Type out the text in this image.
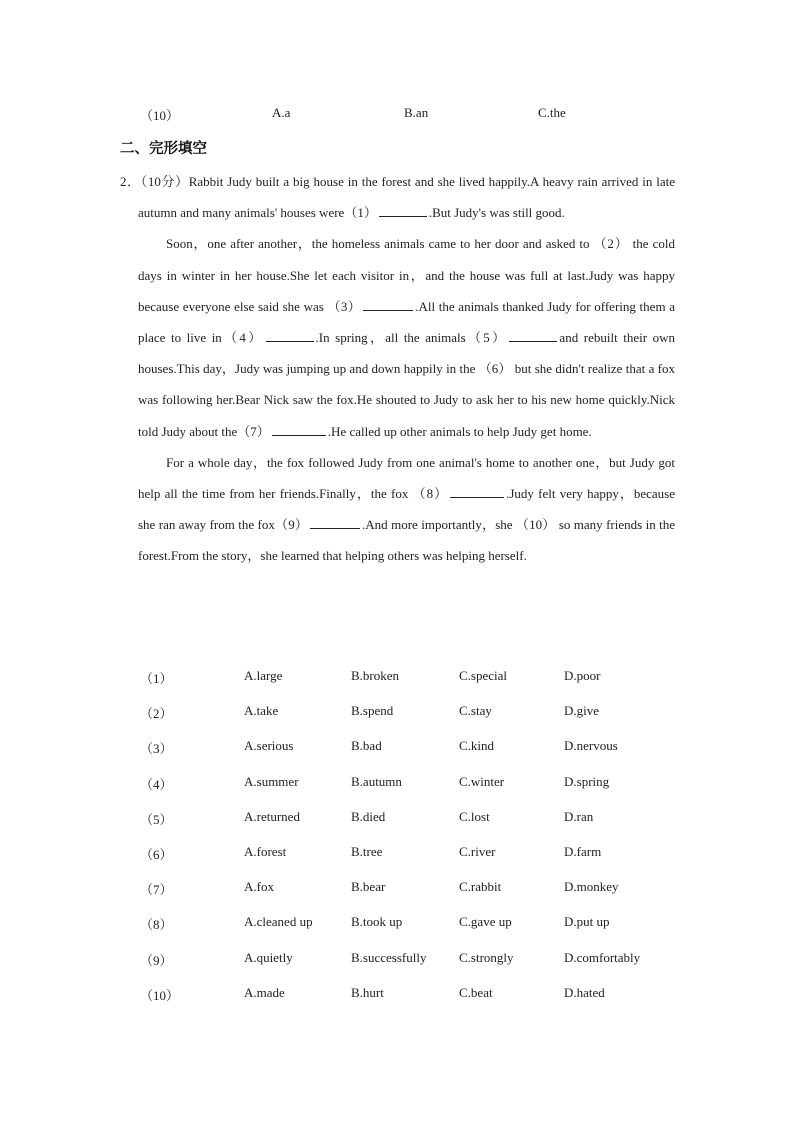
（10）	A.a	B.an	C.the
二、完形填空

2．（10分）Rabbit Judy built a big house in the forest and she lived happily.A heavy rain arrived in late autumn and many animals' houses were（1）	.But Judy's was still good.

Soon，one after another，the homeless animals came to her door and asked to （2） the cold days in winter in her house.She let each visitor in，and the house was full at last.Judy was happy because everyone else said she was （3）	.All the animals thanked Judy for offering them a place to live in（4）	.In spring，all the animals（5）	and rebuilt their own houses.This day，Judy was jumping up and down happily in the （6） but she didn't realize that a fox was following her.Bear Nick saw the fox.He shouted to Judy to ask her to his new home quickly.Nick told Judy about the（7）	.He called up other animals to help Judy get home.

For a whole day，the fox followed Judy from one animal's home to another one，but Judy got help all the time from her friends.Finally，the fox （8）	.Judy felt very happy，because she ran away from the fox（9）	.And more importantly，she （10） so many friends in the forest.From the story，she learned that helping others was helping herself.

（1）	A.large	B.broken	C.special	D.poor
（2）	A.take	B.spend	C.stay	D.give
（3）	A.serious	B.bad	C.kind	D.nervous
（4）	A.summer	B.autumn	C.winter	D.spring
（5）	A.returned	B.died	C.lost	D.ran
（6）	A.forest	B.tree	C.river	D.farm
（7）	A.fox	B.bear	C.rabbit	D.monkey
（8）	A.cleaned up	B.took up	C.gave up	D.put up
（9）	A.quietly	B.successfully	C.strongly	D.comfortably
（10）	A.made	B.hurt	C.beat	D.hated
